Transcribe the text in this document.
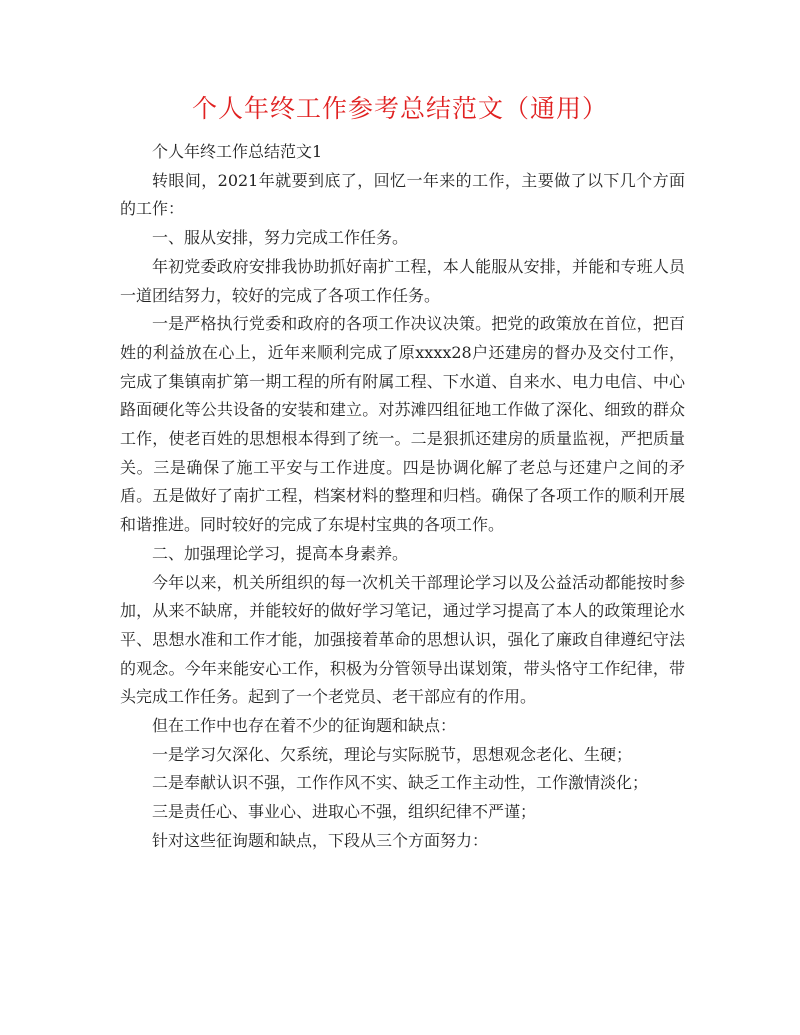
个人年终工作参考总结范文（通用）

个人年终工作总结范文1

转眼间，2021年就要到底了，回忆一年来的工作，主要做了以下几个方面的工作：

一、服从安排，努力完成工作任务。

年初党委政府安排我协助抓好南扩工程，本人能服从安排，并能和专班人员一道团结努力，较好的完成了各项工作任务。

一是严格执行党委和政府的各项工作决议决策。把党的政策放在首位，把百姓的利益放在心上，近年来顺利完成了原xxxx28户还建房的督办及交付工作，完成了集镇南扩第一期工程的所有附属工程、下水道、自来水、电力电信、中心路面硬化等公共设备的安装和建立。对苏滩四组征地工作做了深化、细致的群众工作，使老百姓的思想根本得到了统一。二是狠抓还建房的质量监视，严把质量关。三是确保了施工平安与工作进度。四是协调化解了老总与还建户之间的矛盾。五是做好了南扩工程，档案材料的整理和归档。确保了各项工作的顺利开展和谐推进。同时较好的完成了东堤村宝典的各项工作。

二、加强理论学习，提高本身素养。

今年以来，机关所组织的每一次机关干部理论学习以及公益活动都能按时参加，从来不缺席，并能较好的做好学习笔记，通过学习提高了本人的政策理论水平、思想水准和工作才能，加强接着革命的思想认识，强化了廉政自律遵纪守法的观念。今年来能安心工作，积极为分管领导出谋划策，带头恪守工作纪律，带头完成工作任务。起到了一个老党员、老干部应有的作用。

但在工作中也存在着不少的征询题和缺点：

一是学习欠深化、欠系统，理论与实际脱节，思想观念老化、生硬；

二是奉献认识不强，工作作风不实、缺乏工作主动性，工作激情淡化；

三是责任心、事业心、进取心不强，组织纪律不严谨；

针对这些征询题和缺点，下段从三个方面努力：
